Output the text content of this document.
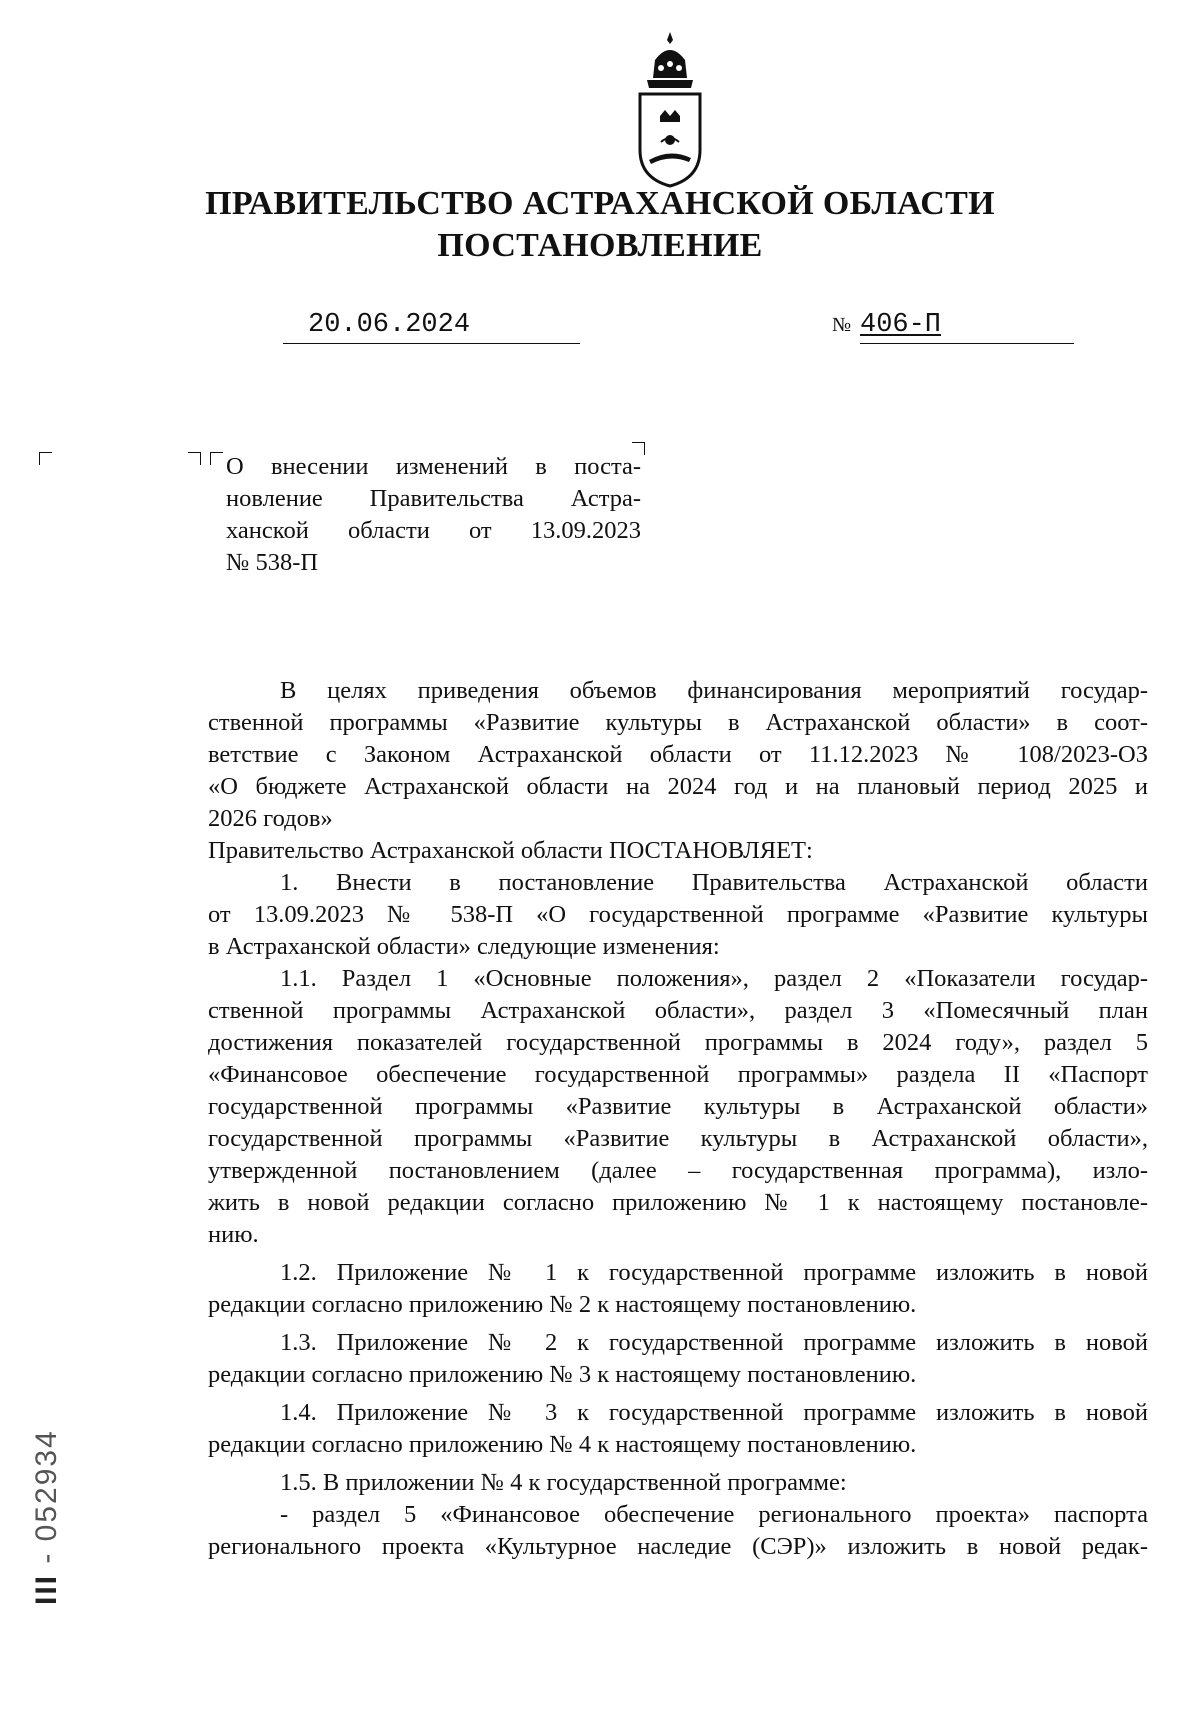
ПРАВИТЕЛЬСТВО АСТРАХАНСКОЙ ОБЛАСТИ
ПОСТАНОВЛЕНИЕ
20.06.2024	№ 406-П
О внесении изменений в поста-
новление Правительства Астра-
ханской области от 13.09.2023
№ 538-П
В целях приведения объемов финансирования мероприятий государ-
ственной программы «Развитие культуры в Астраханской области» в соот-
ветствие с Законом Астраханской области от 11.12.2023 № 108/2023-ОЗ
«О бюджете Астраханской области на 2024 год и на плановый период 2025 и
2026 годов»
Правительство Астраханской области ПОСТАНОВЛЯЕТ:
1. Внести в постановление Правительства Астраханской области
от 13.09.2023 № 538-П «О государственной программе «Развитие культуры
в Астраханской области» следующие изменения:
1.1. Раздел 1 «Основные положения», раздел 2 «Показатели государ-
ственной программы Астраханской области», раздел 3 «Помесячный план
достижения показателей государственной программы в 2024 году», раздел 5
«Финансовое обеспечение государственной программы» раздела II «Паспорт
государственной программы «Развитие культуры в Астраханской области»
государственной программы «Развитие культуры в Астраханской области»,
утвержденной постановлением (далее – государственная программа), изло-
жить в новой редакции согласно приложению № 1 к настоящему постановле-
нию.
1.2. Приложение № 1 к государственной программе изложить в новой
редакции согласно приложению № 2 к настоящему постановлению.
1.3. Приложение № 2 к государственной программе изложить в новой
редакции согласно приложению № 3 к настоящему постановлению.
1.4. Приложение № 3 к государственной программе изложить в новой
редакции согласно приложению № 4 к настоящему постановлению.
1.5. В приложении № 4 к государственной программе:
- раздел 5 «Финансовое обеспечение регионального проекта» паспорта
регионального проекта «Культурное наследие (СЭР)» изложить в новой редак-
III - 052934
